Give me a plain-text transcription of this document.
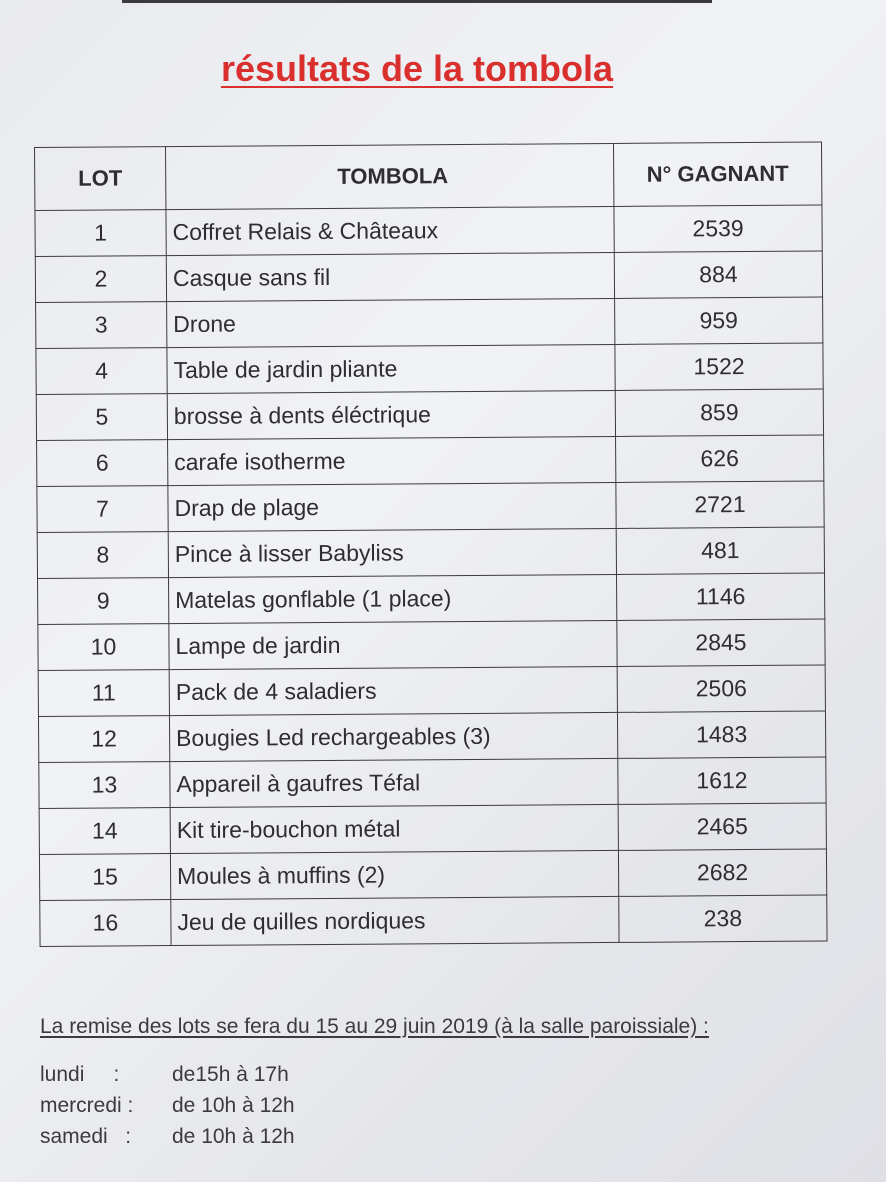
résultats de la tombola
LOT	TOMBOLA	N° GAGNANT
1	Coffret Relais & Châteaux	2539
2	Casque sans fil	884
3	Drone	959
4	Table de jardin pliante	1522
5	brosse à dents éléctrique	859
6	carafe isotherme	626
7	Drap de plage	2721
8	Pince à lisser Babyliss	481
9	Matelas gonflable (1 place)	1146
10	Lampe de jardin	2845
11	Pack de 4 saladiers	2506
12	Bougies Led rechargeables (3)	1483
13	Appareil à gaufres Téfal	1612
14	Kit tire-bouchon métal	2465
15	Moules à muffins (2)	2682
16	Jeu de quilles nordiques	238
La remise des lots se fera du 15 au 29 juin 2019 (à la salle paroissiale) :
lundi     :	de15h à 17h
mercredi : de 10h à 12h
samedi   : de 10h à 12h
